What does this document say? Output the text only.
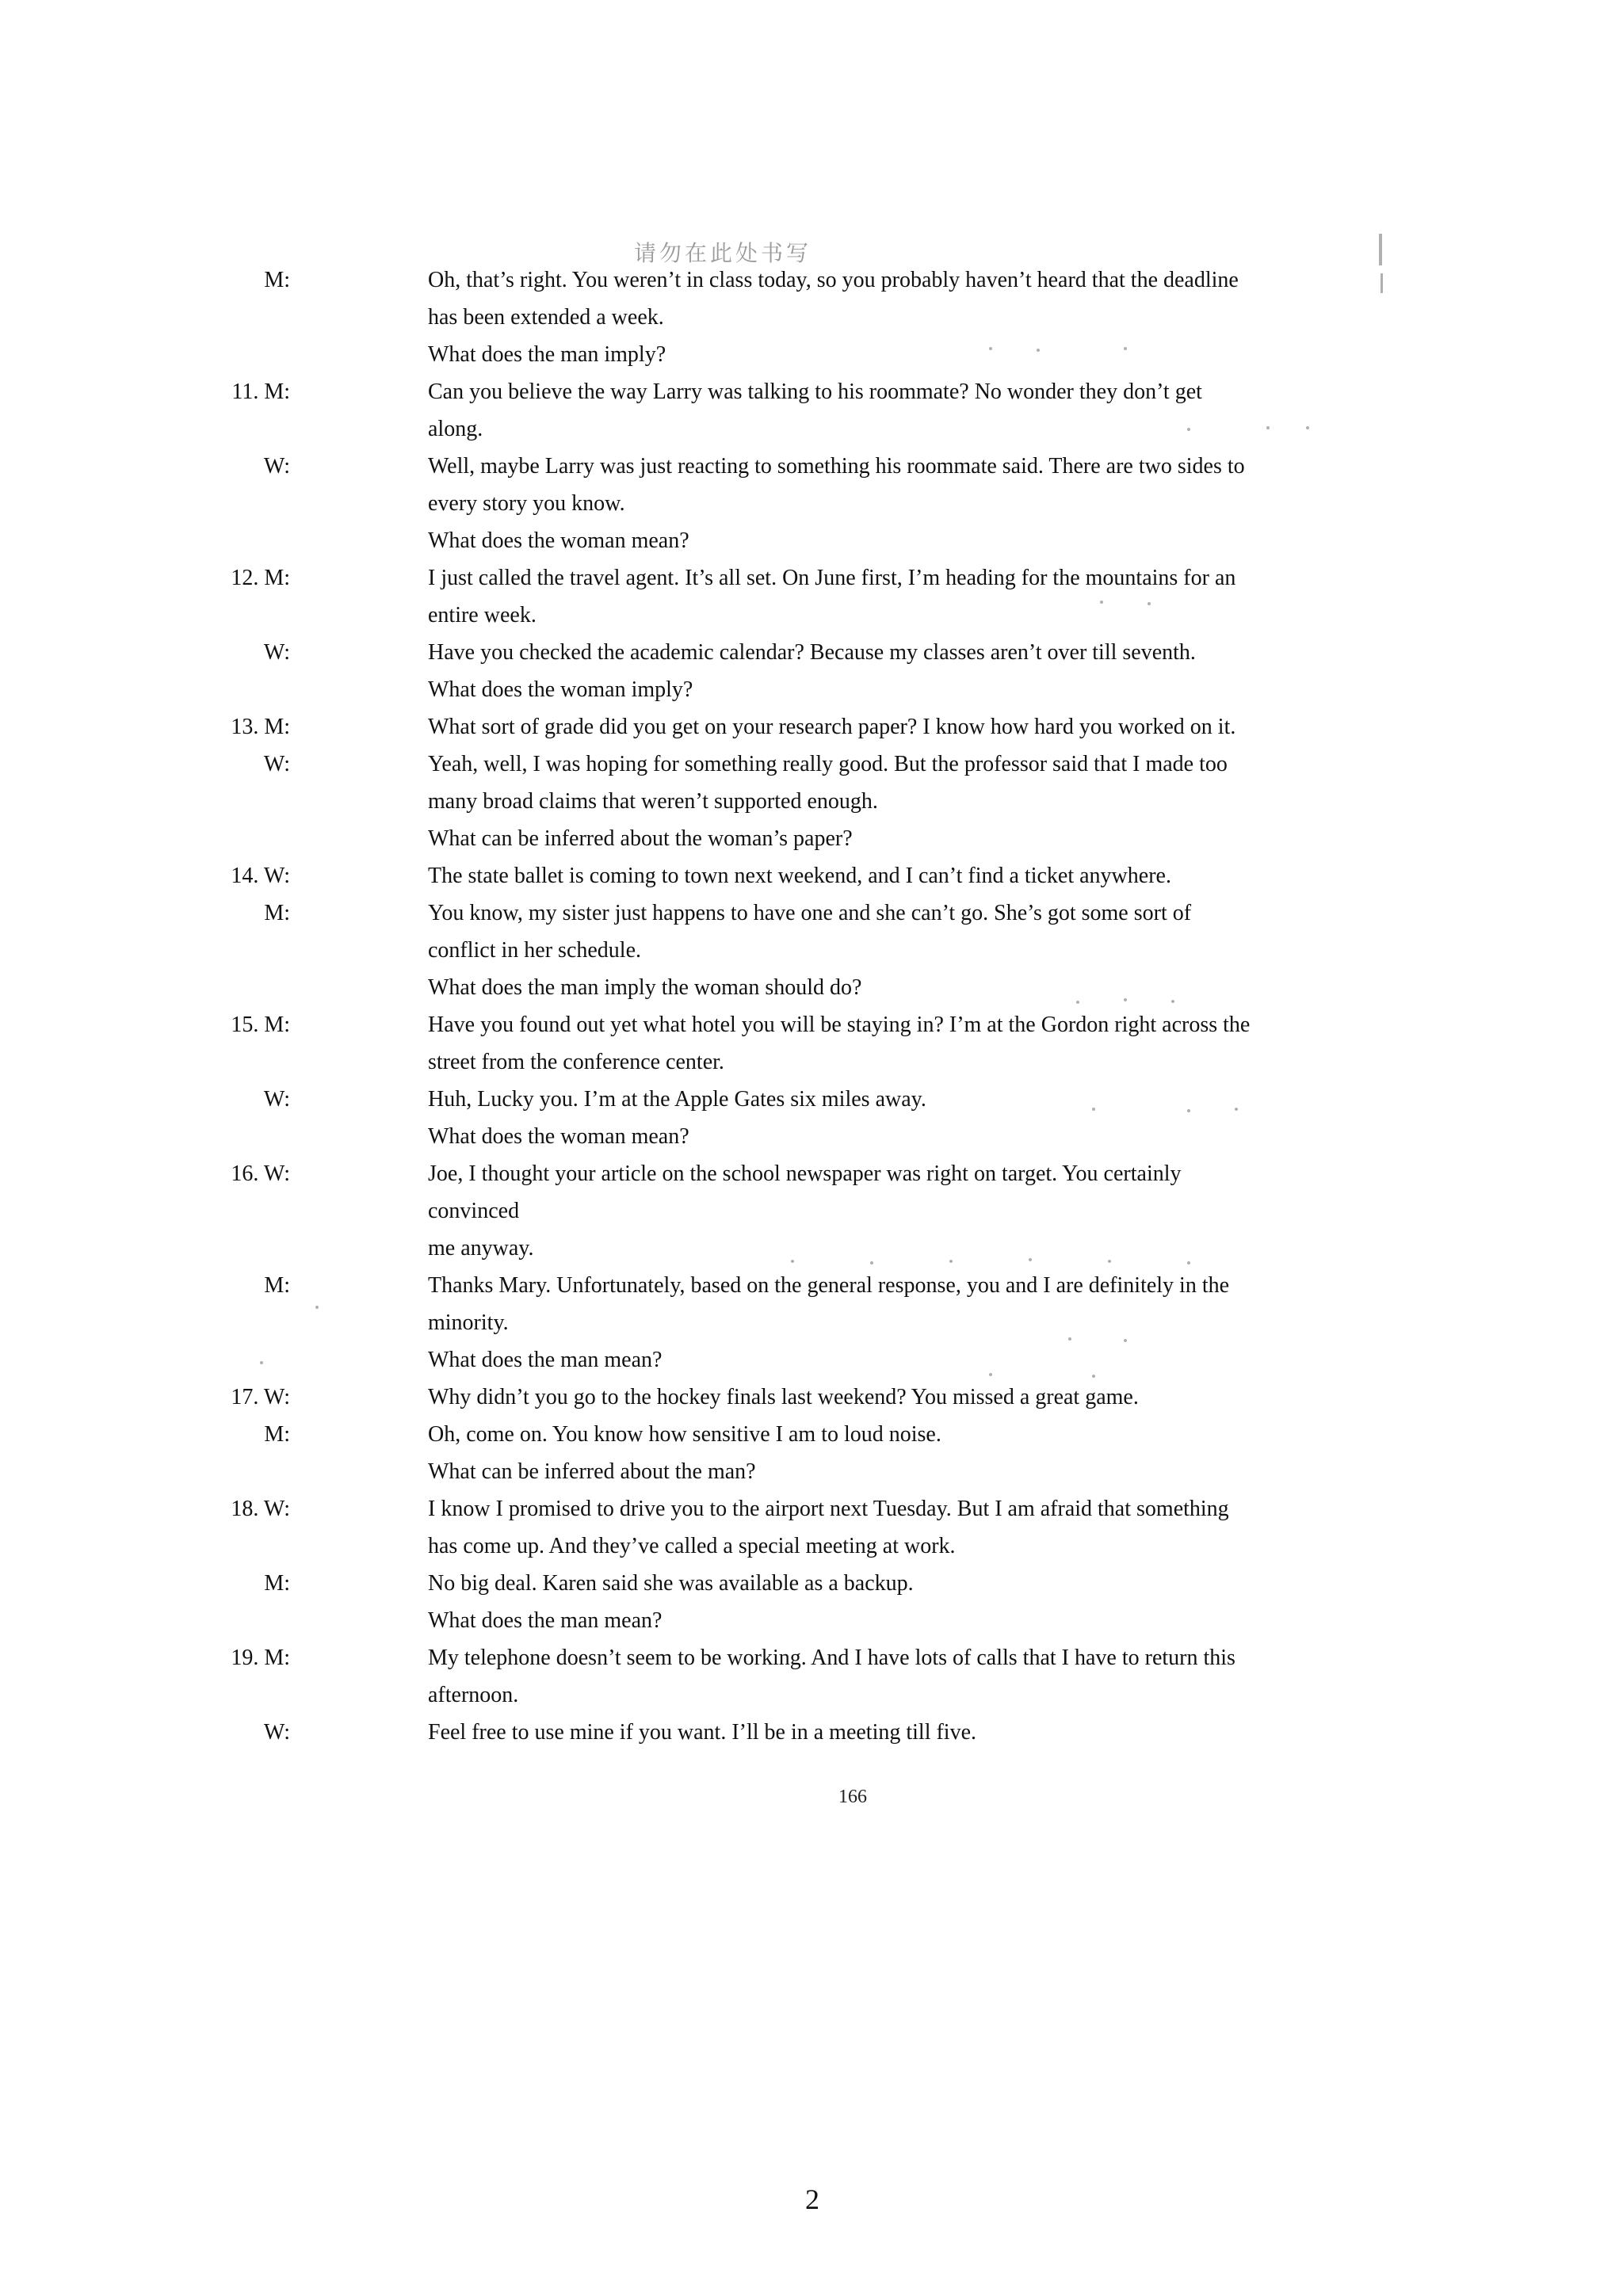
请勿在此处书写
M:	Oh, that’s right. You weren’t in class today, so you probably haven’t heard that the deadline
has been extended a week.
What does the man imply?
11. M:	Can you believe the way Larry was talking to his roommate? No wonder they don’t get
along.
W:	Well, maybe Larry was just reacting to something his roommate said. There are two sides to
every story you know.
What does the woman mean?
12. M:	I just called the travel agent. It’s all set. On June first, I’m heading for the mountains for an
entire week.
W:	Have you checked the academic calendar? Because my classes aren’t over till seventh.
What does the woman imply?
13. M:	What sort of grade did you get on your research paper? I know how hard you worked on it.
W:	Yeah, well, I was hoping for something really good. But the professor said that I made too
many broad claims that weren’t supported enough.
What can be inferred about the woman’s paper?
14. W:	The state ballet is coming to town next weekend, and I can’t find a ticket anywhere.
M:	You know, my sister just happens to have one and she can’t go. She’s got some sort of
conflict in her schedule.
What does the man imply the woman should do?
15. M:	Have you found out yet what hotel you will be staying in? I’m at the Gordon right across the
street from the conference center.
W:	Huh, Lucky you. I’m at the Apple Gates six miles away.
What does the woman mean?
16. W:	Joe, I thought your article on the school newspaper was right on target. You certainly
convinced
me anyway.
M:	Thanks Mary. Unfortunately, based on the general response, you and I are definitely in the
minority.
What does the man mean?
17. W:	Why didn’t you go to the hockey finals last weekend? You missed a great game.
M:	Oh, come on. You know how sensitive I am to loud noise.
What can be inferred about the man?
18. W:	I know I promised to drive you to the airport next Tuesday. But I am afraid that something
has come up. And they’ve called a special meeting at work.
M:	No big deal. Karen said she was available as a backup.
What does the man mean?
19. M:	My telephone doesn’t seem to be working. And I have lots of calls that I have to return this
afternoon.
W:	Feel free to use mine if you want. I’ll be in a meeting till five.
166
2
